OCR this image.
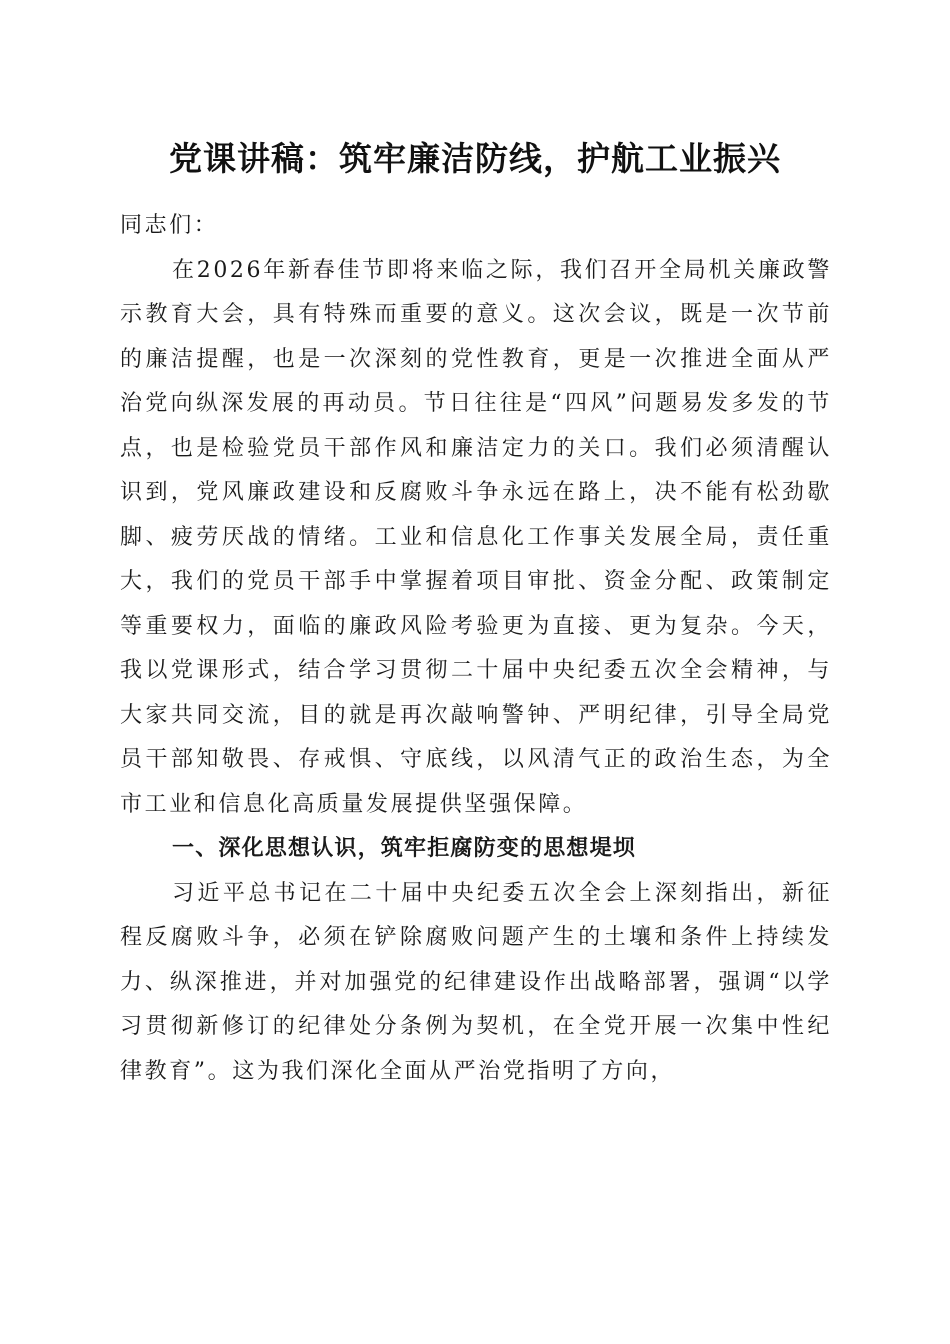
党课讲稿：筑牢廉洁防线，护航工业振兴

同志们：

在2026年新春佳节即将来临之际，我们召开全局机关廉政警示教育大会，具有特殊而重要的意义。这次会议，既是一次节前的廉洁提醒，也是一次深刻的党性教育，更是一次推进全面从严治党向纵深发展的再动员。节日往往是“四风”问题易发多发的节点，也是检验党员干部作风和廉洁定力的关口。我们必须清醒认识到，党风廉政建设和反腐败斗争永远在路上，决不能有松劲歇脚、疲劳厌战的情绪。工业和信息化工作事关发展全局，责任重大，我们的党员干部手中掌握着项目审批、资金分配、政策制定等重要权力，面临的廉政风险考验更为直接、更为复杂。今天，我以党课形式，结合学习贯彻二十届中央纪委五次全会精神，与大家共同交流，目的就是再次敲响警钟、严明纪律，引导全局党员干部知敬畏、存戒惧、守底线，以风清气正的政治生态，为全市工业和信息化高质量发展提供坚强保障。

一、深化思想认识，筑牢拒腐防变的思想堤坝

习近平总书记在二十届中央纪委五次全会上深刻指出，新征程反腐败斗争，必须在铲除腐败问题产生的土壤和条件上持续发力、纵深推进，并对加强党的纪律建设作出战略部署，强调“以学习贯彻新修订的纪律处分条例为契机，在全党开展一次集中性纪律教育”。这为我们深化全面从严治党指明了方向，
